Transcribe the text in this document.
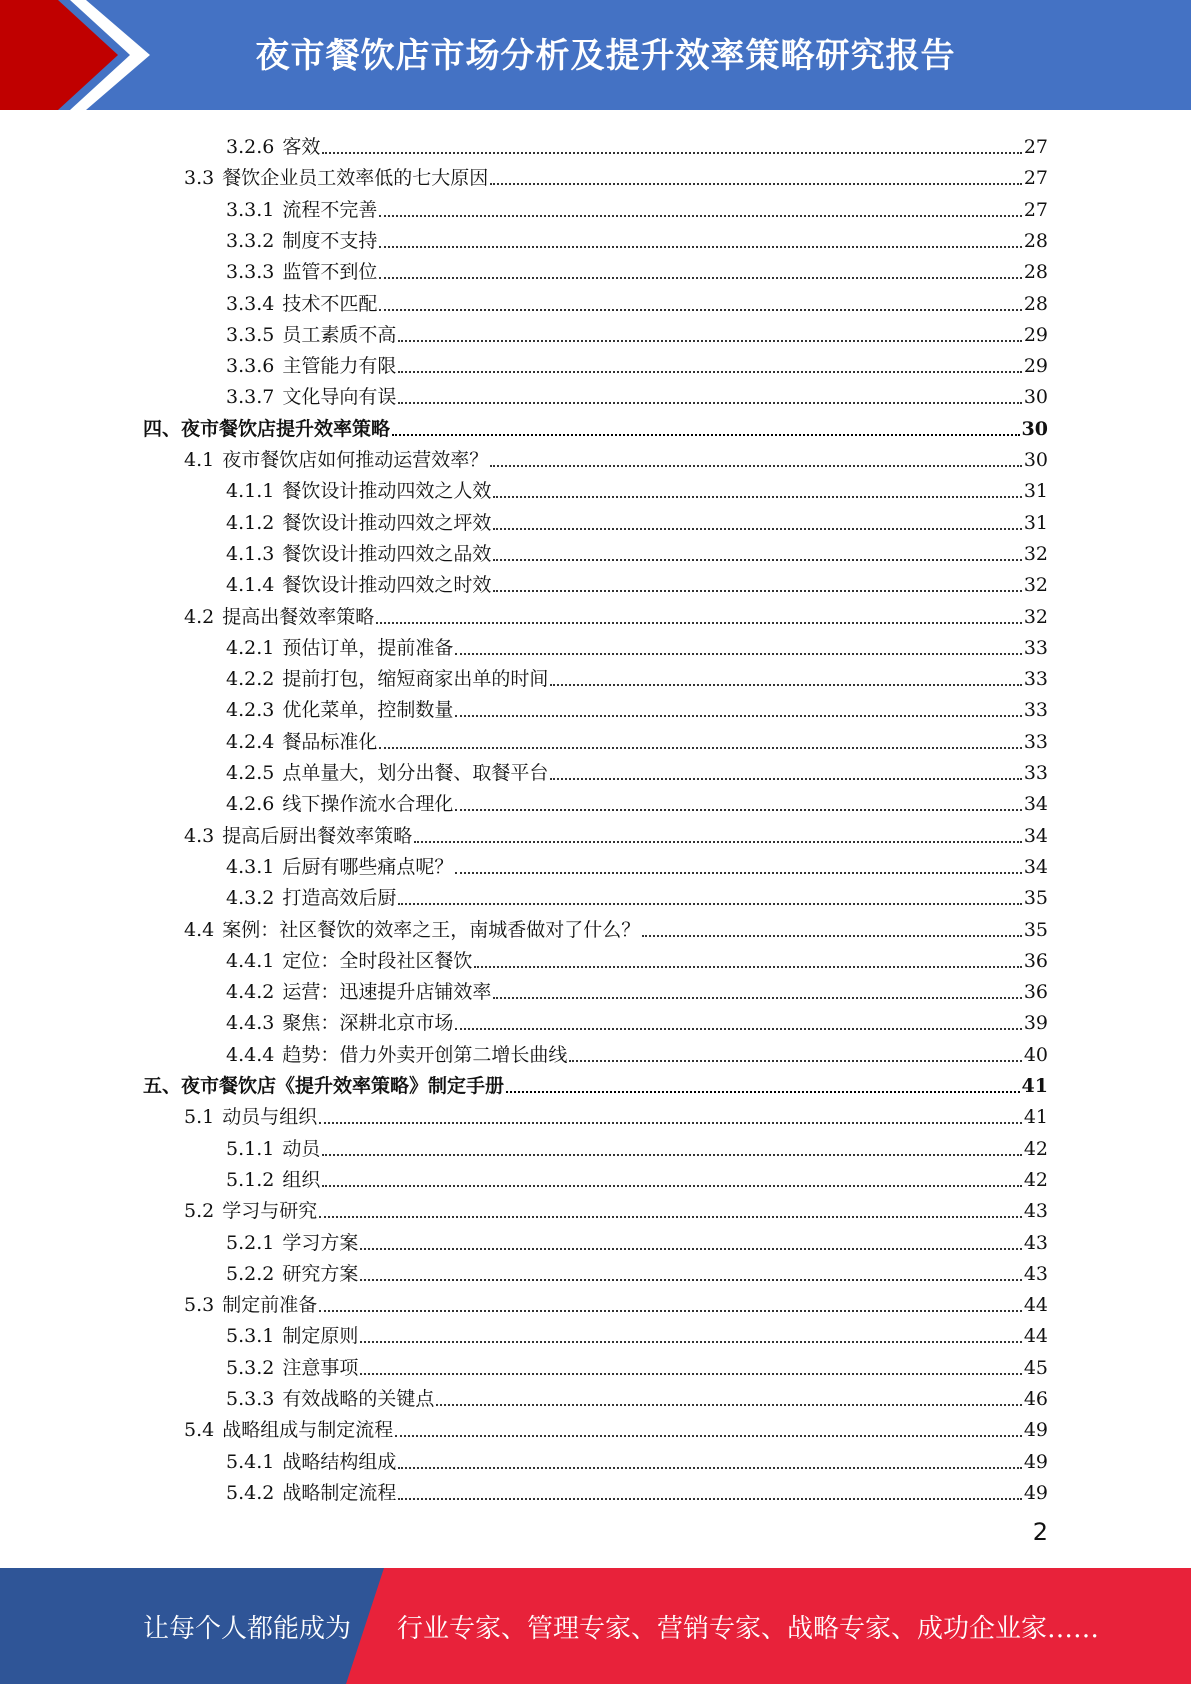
夜市餐饮店市场分析及提升效率策略研究报告
3.2.6 客效	27
3.3 餐饮企业员工效率低的七大原因	27
3.3.1 流程不完善	27
3.3.2 制度不支持	28
3.3.3 监管不到位	28
3.3.4 技术不匹配	28
3.3.5 员工素质不高	29
3.3.6 主管能力有限	29
3.3.7 文化导向有误	30
四、夜市餐饮店提升效率策略	30
4.1 夜市餐饮店如何推动运营效率？	30
4.1.1 餐饮设计推动四效之人效	31
4.1.2 餐饮设计推动四效之坪效	31
4.1.3 餐饮设计推动四效之品效	32
4.1.4 餐饮设计推动四效之时效	32
4.2 提高出餐效率策略	32
4.2.1 预估订单，提前准备	33
4.2.2 提前打包，缩短商家出单的时间	33
4.2.3 优化菜单，控制数量	33
4.2.4 餐品标准化	33
4.2.5 点单量大，划分出餐、取餐平台	33
4.2.6 线下操作流水合理化	34
4.3 提高后厨出餐效率策略	34
4.3.1 后厨有哪些痛点呢？	34
4.3.2 打造高效后厨	35
4.4 案例：社区餐饮的效率之王，南城香做对了什么？	35
4.4.1 定位：全时段社区餐饮	36
4.4.2 运营：迅速提升店铺效率	36
4.4.3 聚焦：深耕北京市场	39
4.4.4 趋势：借力外卖开创第二增长曲线	40
五、夜市餐饮店《提升效率策略》制定手册	41
5.1 动员与组织	41
5.1.1 动员	42
5.1.2 组织	42
5.2 学习与研究	43
5.2.1 学习方案	43
5.2.2 研究方案	43
5.3 制定前准备	44
5.3.1 制定原则	44
5.3.2 注意事项	45
5.3.3 有效战略的关键点	46
5.4 战略组成与制定流程	49
5.4.1 战略结构组成	49
5.4.2 战略制定流程	49
2
让每个人都能成为 行业专家、管理专家、营销专家、战略专家、成功企业家……
